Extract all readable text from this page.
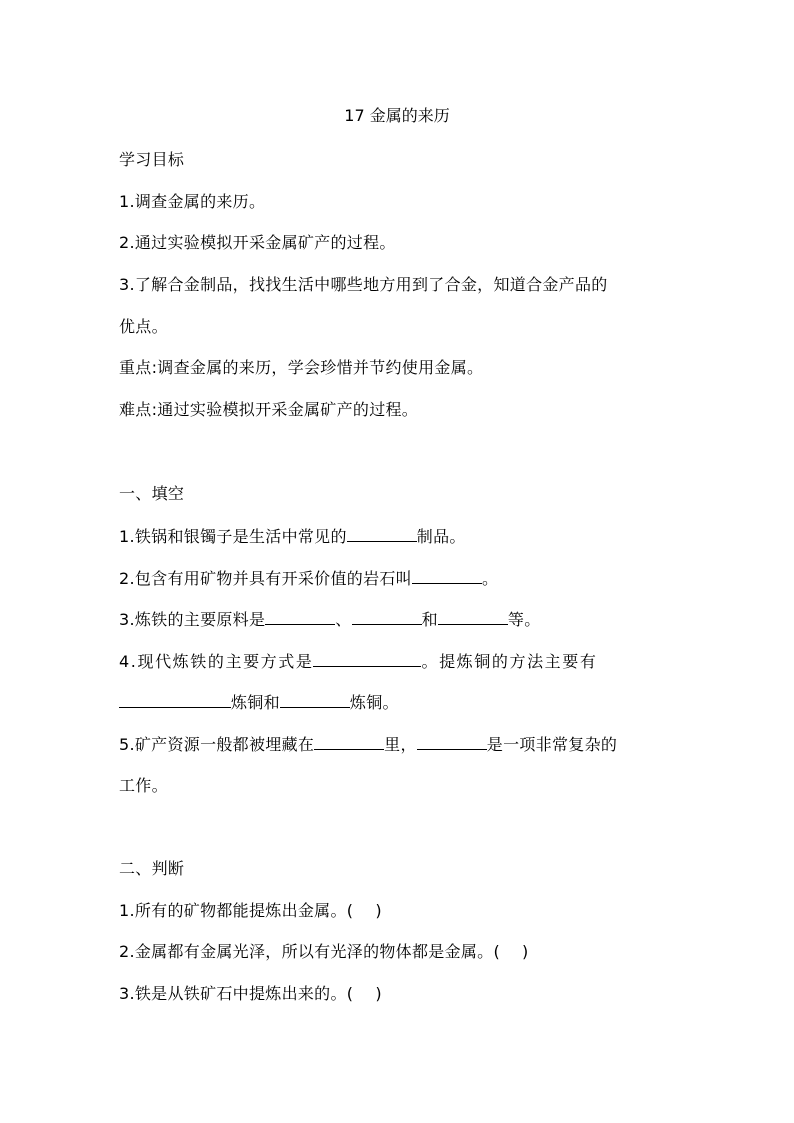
17 金属的来历
学习目标
1.调查金属的来历。
2.通过实验模拟开采金属矿产的过程。
3.了解合金制品，找找生活中哪些地方用到了合金，知道合金产品的
优点。
重点:调查金属的来历，学会珍惜并节约使用金属。
难点:通过实验模拟开采金属矿产的过程。
一、填空
1.铁锅和银镯子是生活中常见的	制品。
2.包含有用矿物并具有开采价值的岩石叫	。
3.炼铁的主要原料是	、	和	等。
4.现代炼铁的主要方式是	。提炼铜的方法主要有
炼铜和	炼铜。
5.矿产资源一般都被埋藏在	里，	是一项非常复杂的
工作。
二、判断
1.所有的矿物都能提炼出金属。( )
2.金属都有金属光泽，所以有光泽的物体都是金属。( )
3.铁是从铁矿石中提炼出来的。( )
